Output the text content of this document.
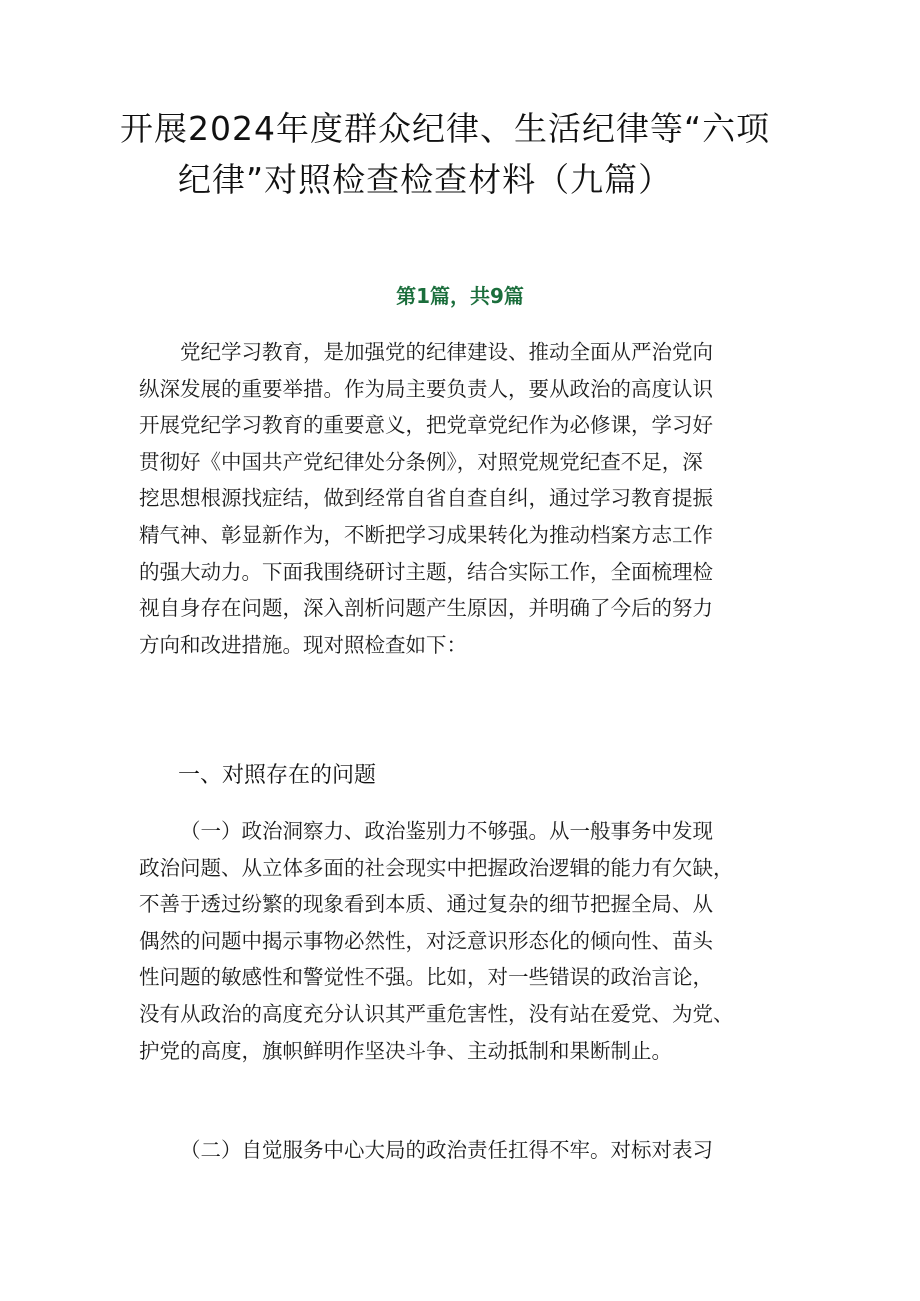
开展2024年度群众纪律、生活纪律等“六项
纪律”对照检查检查材料（九篇）
第1篇，共9篇
党纪学习教育，是加强党的纪律建设、推动全面从严治党向
纵深发展的重要举措。作为局主要负责人，要从政治的高度认识
开展党纪学习教育的重要意义，把党章党纪作为必修课，学习好
贯彻好《中国共产党纪律处分条例》，对照党规党纪查不足，深
挖思想根源找症结，做到经常自省自查自纠，通过学习教育提振
精气神、彰显新作为，不断把学习成果转化为推动档案方志工作
的强大动力。下面我围绕研讨主题，结合实际工作，全面梳理检
视自身存在问题，深入剖析问题产生原因，并明确了今后的努力
方向和改进措施。现对照检查如下：
一、对照存在的问题
（一）政治洞察力、政治鉴别力不够强。从一般事务中发现
政治问题、从立体多面的社会现实中把握政治逻辑的能力有欠缺，
不善于透过纷繁的现象看到本质、通过复杂的细节把握全局、从
偶然的问题中揭示事物必然性，对泛意识形态化的倾向性、苗头
性问题的敏感性和警觉性不强。比如，对一些错误的政治言论，
没有从政治的高度充分认识其严重危害性，没有站在爱党、为党、
护党的高度，旗帜鲜明作坚决斗争、主动抵制和果断制止。
（二）自觉服务中心大局的政治责任扛得不牢。对标对表习
